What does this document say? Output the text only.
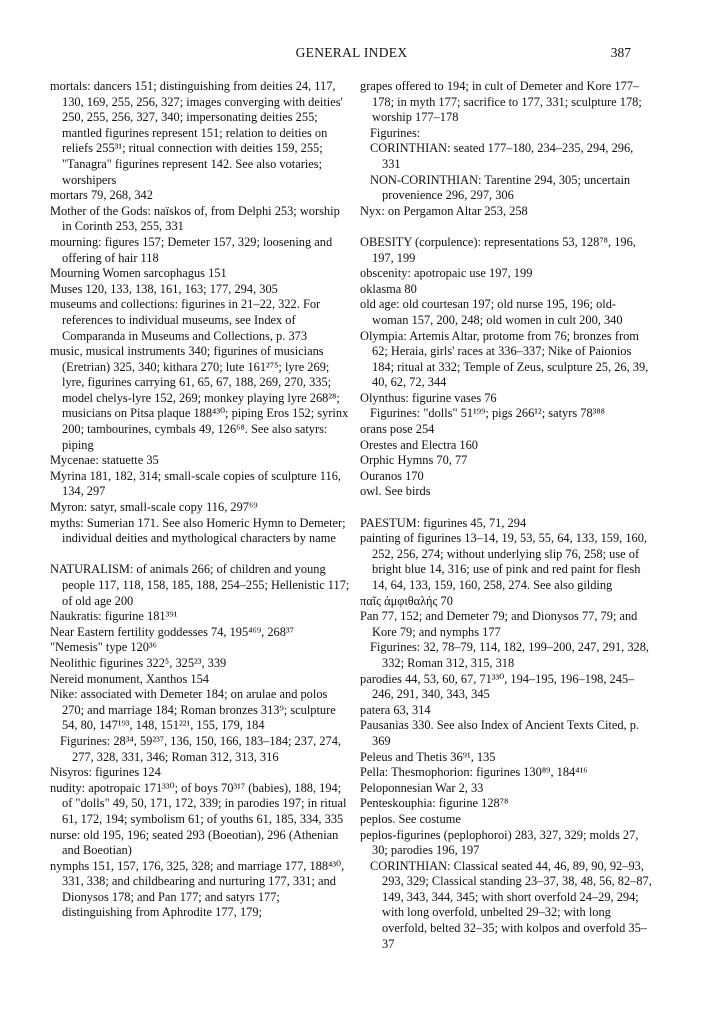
GENERAL INDEX	387
mortals: dancers 151; distinguishing from deities 24, 117, 130, 169, 255, 256, 327; images converging with deities' 250, 255, 256, 327, 340; impersonating deities 255; mantled figurines represent 151; relation to deities on reliefs 255³¹; ritual connection with deities 159, 255; "Tanagra" figurines represent 142. See also votaries; worshipers
mortars 79, 268, 342
Mother of the Gods: naïskos of, from Delphi 253; worship in Corinth 253, 255, 331
mourning: figures 157; Demeter 157, 329; loosening and offering of hair 118
Mourning Women sarcophagus 151
Muses 120, 133, 138, 161, 163; 177, 294, 305
museums and collections: figurines in 21–22, 322. For references to individual museums, see Index of Comparanda in Museums and Collections, p. 373
music, musical instruments 340; figurines of musicians (Eretrian) 325, 340; kithara 270; lute 161²⁷⁵; lyre 269; lyre, figurines carrying 61, 65, 67, 188, 269, 270, 335; model chelys-lyre 152, 269; monkey playing lyre 268²⁸; musicians on Pitsa plaque 188⁴³⁰; piping Eros 152; syrinx 200; tambourines, cymbals 49, 126⁶⁸. See also satyrs: piping
Mycenae: statuette 35
Myrina 181, 182, 314; small-scale copies of sculpture 116, 134, 297
Myron: satyr, small-scale copy 116, 297⁶⁹
myths: Sumerian 171. See also Homeric Hymn to Demeter; individual deities and mythological characters by name
NATURALISM: of animals 266; of children and young people 117, 118, 158, 185, 188, 254–255; Hellenistic 117; of old age 200
Naukratis: figurine 181³⁹¹
Near Eastern fertility goddesses 74, 195⁴⁶⁹, 268³⁷
"Nemesis" type 120³⁶
Neolithic figurines 322⁵, 325²³, 339
Nereid monument, Xanthos 154
Nike: associated with Demeter 184; on arulae and polos 270; and marriage 184; Roman bronzes 313⁹; sculpture 54, 80, 147¹⁹³, 148, 151²²¹, 155, 179, 184
Figurines: 28³⁴, 59²³⁷, 136, 150, 166, 183–184; 237, 274, 277, 328, 331, 346; Roman 312, 313, 316
Nisyros: figurines 124
nudity: apotropaic 171³³⁰; of boys 70³¹⁷ (babies), 188, 194; of "dolls" 49, 50, 171, 172, 339; in parodies 197; in ritual 61, 172, 194; symbolism 61; of youths 61, 185, 334, 335
nurse: old 195, 196; seated 293 (Boeotian), 296 (Athenian and Boeotian)
nymphs 151, 157, 176, 325, 328; and marriage 177, 188⁴³⁰, 331, 338; and childbearing and nurturing 177, 331; and Dionysos 178; and Pan 177; and satyrs 177; distinguishing from Aphrodite 177, 179;
grapes offered to 194; in cult of Demeter and Kore 177–178; in myth 177; sacrifice to 177, 331; sculpture 178; worship 177–178
Figurines:
CORINTHIAN: seated 177–180, 234–235, 294, 296, 331
NON-CORINTHIAN: Tarentine 294, 305; uncertain provenience 296, 297, 306
Nyx: on Pergamon Altar 253, 258
OBESITY (corpulence): representations 53, 128⁷⁸, 196, 197, 199
obscenity: apotropaic use 197, 199
oklasma 80
old age: old courtesan 197; old nurse 195, 196; old-woman 157, 200, 248; old women in cult 200, 340
Olympia: Artemis Altar, protome from 76; bronzes from 62; Heraia, girls' races at 336–337; Nike of Paionios 184; ritual at 332; Temple of Zeus, sculpture 25, 26, 39, 40, 62, 72, 344
Olynthus: figurine vases 76
Figurines: "dolls" 51¹⁹⁹; pigs 266¹²; satyrs 78³⁸⁸
orans pose 254
Orestes and Electra 160
Orphic Hymns 70, 77
Ouranos 170
owl. See birds
PAESTUM: figurines 45, 71, 294
painting of figurines 13–14, 19, 53, 55, 64, 133, 159, 160, 252, 256, 274; without underlying slip 76, 258; use of bright blue 14, 316; use of pink and red paint for flesh 14, 64, 133, 159, 160, 258, 274. See also gilding
παῖς ἀμφιθαλής 70
Pan 77, 152; and Demeter 79; and Dionysos 77, 79; and Kore 79; and nymphs 177
Figurines: 32, 78–79, 114, 182, 199–200, 247, 291, 328, 332; Roman 312, 315, 318
parodies 44, 53, 60, 67, 71³³⁰, 194–195, 196–198, 245–246, 291, 340, 343, 345
patera 63, 314
Pausanias 330. See also Index of Ancient Texts Cited, p. 369
Peleus and Thetis 36⁹¹, 135
Pella: Thesmophorion: figurines 130⁸⁹, 184⁴¹⁶
Peloponnesian War 2, 33
Penteskouphia: figurine 128⁷⁸
peplos. See costume
peplos-figurines (peplophoroi) 283, 327, 329; molds 27, 30; parodies 196, 197
CORINTHIAN: Classical seated 44, 46, 89, 90, 92–93, 293, 329; Classical standing 23–37, 38, 48, 56, 82–87, 149, 343, 344, 345; with short overfold 24–29, 294; with long overfold, unbelted 29–32; with long overfold, belted 32–35; with kolpos and overfold 35–37
